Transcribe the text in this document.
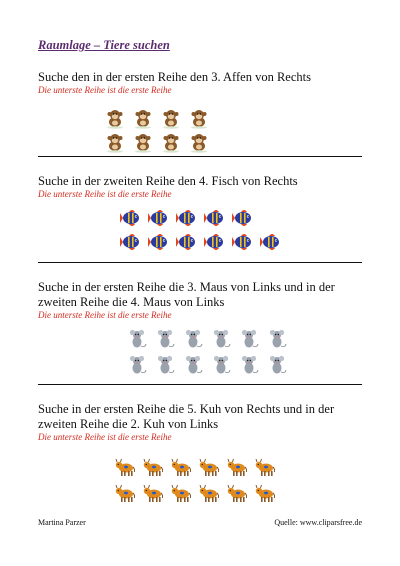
Raumlage – Tiere suchen
Suche den in der ersten Reihe den 3. Affen von Rechts
Die unterste Reihe ist die erste Reihe
Suche in der zweiten Reihe den 4. Fisch von Rechts
Die unterste Reihe ist die erste Reihe
Suche in der ersten Reihe die 3. Maus von Links und in der zweiten Reihe die 4. Maus von Links
Die unterste Reihe ist die erste Reihe
Suche in der ersten Reihe die 5. Kuh von Rechts und in der zweiten Reihe die 2. Kuh von Links
Die unterste Reihe ist die erste Reihe
Martina Parzer	Quelle: www.cliparsfree.de
